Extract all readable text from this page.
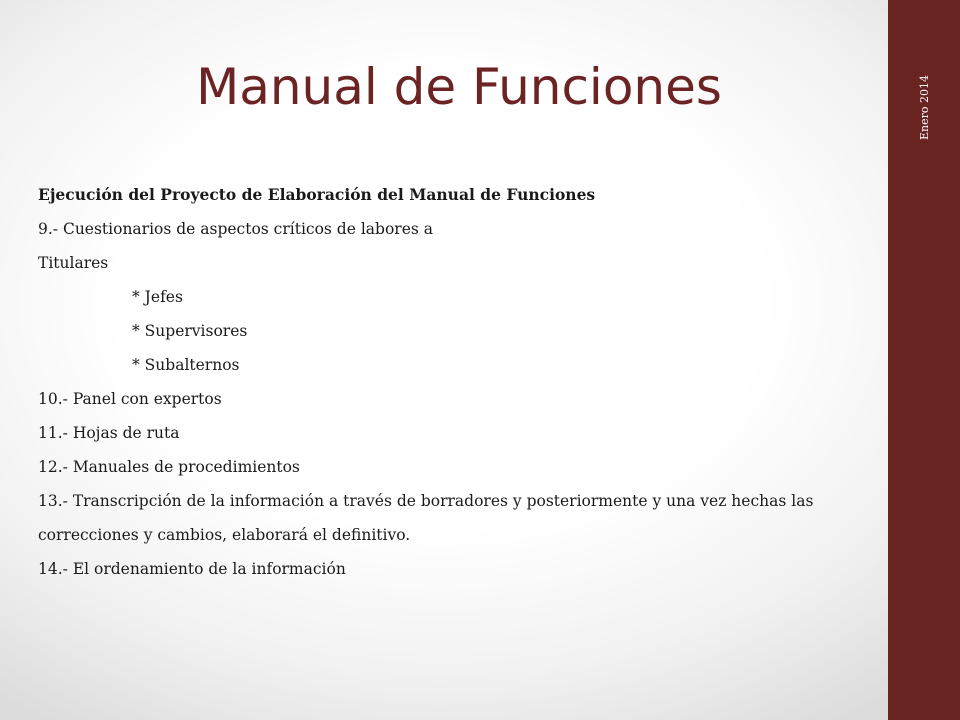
Manual de Funciones	Enero 2014
Ejecución del Proyecto de Elaboración del Manual de Funciones
9.- Cuestionarios de aspectos críticos de labores a
Titulares
* Jefes
* Supervisores
* Subalternos
10.- Panel con expertos
11.- Hojas de ruta
12.- Manuales de procedimientos
13.- Transcripción de la información a través de borradores y posteriormente y una vez hechas las
correcciones y cambios, elaborará el definitivo.
14.- El ordenamiento de la información
